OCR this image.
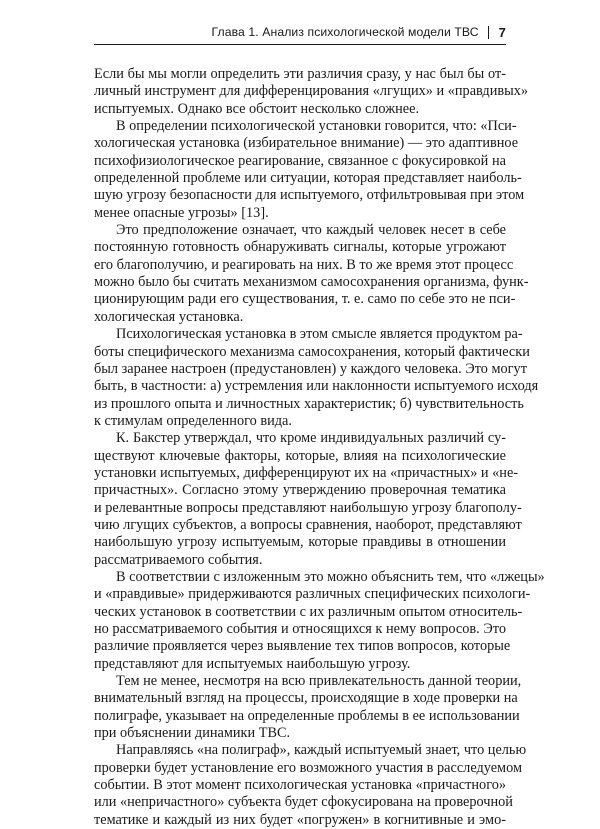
Глава 1.
Анализ психологической модели ТВС 7
Если бы мы могли определить эти различия сразу, у нас был бы от-
личный инструмент для дифференцирования «лгущих» и «правдивых»
испытуемых. Однако все обстоит несколько сложнее.
В определении психологической установки говорится, что: «Пси-
хологическая установка (избирательное внимание) — это адаптивное
психофизиологическое реагирование, связанное с фокусировкой на
определенной проблеме или ситуации, которая представляет наиболь-
шую угрозу безопасности для испытуемого, отфильтровывая при этом
менее опасные угрозы» [13].
Это предположение означает, что каждый человек несет в себе
постоянную готовность обнаруживать сигналы, которые угрожают
его благополучию, и реагировать на них. В то же время этот процесс
можно было бы считать механизмом самосохранения организма, функ-
ционирующим ради его существования, т. е. само по себе это не пси-
хологическая установка.
Психологическая установка в этом смысле является продуктом ра-
боты специфического механизма самосохранения, который фактически
был заранее настроен (предустановлен) у каждого человека. Это могут
быть, в частности: а) устремления или наклонности испытуемого исходя
из прошлого опыта и личностных характеристик; б) чувствительность
к стимулам определенного вида.
К. Бакстер утверждал, что кроме индивидуальных различий су-
ществуют ключевые факторы, которые, влияя на психологические
установки испытуемых, дифференцируют их на «причастных» и «не-
причастных». Согласно этому утверждению проверочная тематика
и релевантные вопросы представляют наибольшую угрозу благополу-
чию лгущих субъектов, а вопросы сравнения, наоборот, представляют
наибольшую угрозу испытуемым, которые правдивы в отношении
рассматриваемого события.
В соответствии с изложенным это можно объяснить тем, что «лжецы»
и «правдивые» придерживаются различных специфических психологи-
ческих установок в соответствии с их различным опытом относитель-
но рассматриваемого события и относящихся к нему вопросов. Это
различие проявляется через выявление тех типов вопросов, которые
представляют для испытуемых наибольшую угрозу.
Тем не менее, несмотря на всю привлекательность данной теории,
внимательный взгляд на процессы, происходящие в ходе проверки на
полиграфе, указывает на определенные проблемы в ее использовании
при объяснении динамики ТВС.
Направляясь «на полиграф», каждый испытуемый знает, что целью
проверки будет установление его возможного участия в расследуемом
событии. В этот момент психологическая установка «причастного»
или «непричастного» субъекта будет сфокусирована на проверочной
тематике и каждый из них будет «погружен» в когнитивные и эмо-
